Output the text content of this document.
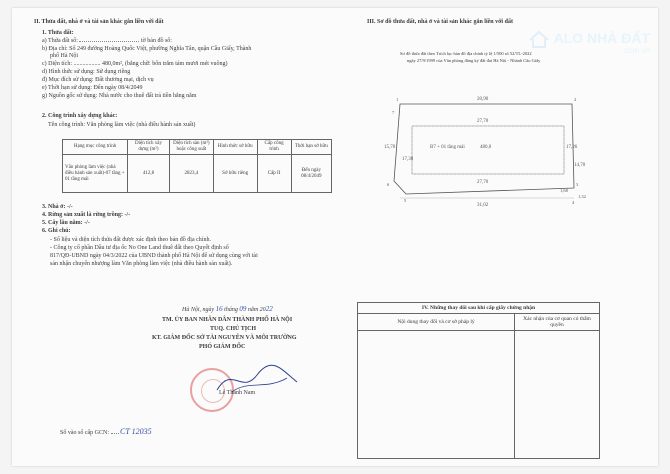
II. Thửa đất, nhà ở và tài sản khác gắn liền với đất
1. Thửa đất:
a) Thửa đất số:	tờ bản đồ số:
b) Địa chỉ: Số 249 đường Hoàng Quốc Việt, phường Nghĩa Tân, quận Cầu Giấy, Thành
phố Hà Nội
c) Diện tích: .................. 480,0m², (bằng chữ: bốn trăm tám mươi mét vuông)
d) Hình thức sử dụng: Sử dụng riêng
đ) Mục đích sử dụng: Đất thương mại, dịch vụ
e) Thời hạn sử dụng: Đến ngày 08/4/2049
g) Nguồn gốc sử dụng: Nhà nước cho thuê đất trả tiền hằng năm
2. Công trình xây dựng khác:
Tên công trình: Văn phòng làm việc (nhà điều hành sản xuất)
Hạng mục công trình	Diện tích xây dựng (m²)	Diện tích sàn (m²) hoặc công suất	Hình thức sở hữu	Cấp công trình	Thời hạn sở hữu
Văn phòng làm việc (nhà điều hành sản xuất)-07 tầng + 01 tầng mái	412,8	2823,4	Sở hữu riêng	Cấp II	Đến ngày 08/4/2049
3. Nhà ở: -/-
4. Rừng sản xuất là rừng trồng: -/-
5. Cây lâu năm: -/-
6. Ghi chú:
- Số liệu và diện tích thửa đất được xác định theo bản đồ địa chính.
- Công ty cổ phần Dầu tư địa ốc No One Land thuê đất theo Quyết định số
817/QĐ-UBND ngày 04/3/2022 của UBND thành phố Hà Nội để sử dụng cùng với tài
sản nhận chuyển nhượng làm Văn phòng làm việc (nhà điều hành sản xuất).
Hà Nội, ngày 16 tháng 09 năm 2022
TM. ỦY BAN NHÂN DÂN THÀNH PHỐ HÀ NỘI
TUQ. CHỦ TỊCH
KT. GIÁM ĐỐC SỞ TÀI NGUYÊN VÀ MÔI TRƯỜNG
PHÓ GIÁM ĐỐC
Lê Thanh Nam
Số vào sổ cấp GCN: CT 12035
III. Sơ đồ thửa đất, nhà ở và tài sản khác gắn liền với đất
Sơ đồ thửa đất theo Trích lục bản đồ địa chính tỷ lệ 1/500 số 52/TL-2022
ngày 27/9/1999 của Văn phòng đăng ký đất đai Hà Nội - Nhánh Cầu Giấy
20,90
27,70
27,70
31,02
15,70
17,30
17,26
14,70
1,68
1,32
B7 + 01 tầng mái	480,0
1	2
3
4
5
6
7
IV. Những thay đổi sau khi cấp giấy chứng nhận	
Nội dung thay đổi và cơ sở pháp lý	Xác nhận của cơ quan có thẩm quyền

ALO NHÀ ĐẤT
.com.vn
